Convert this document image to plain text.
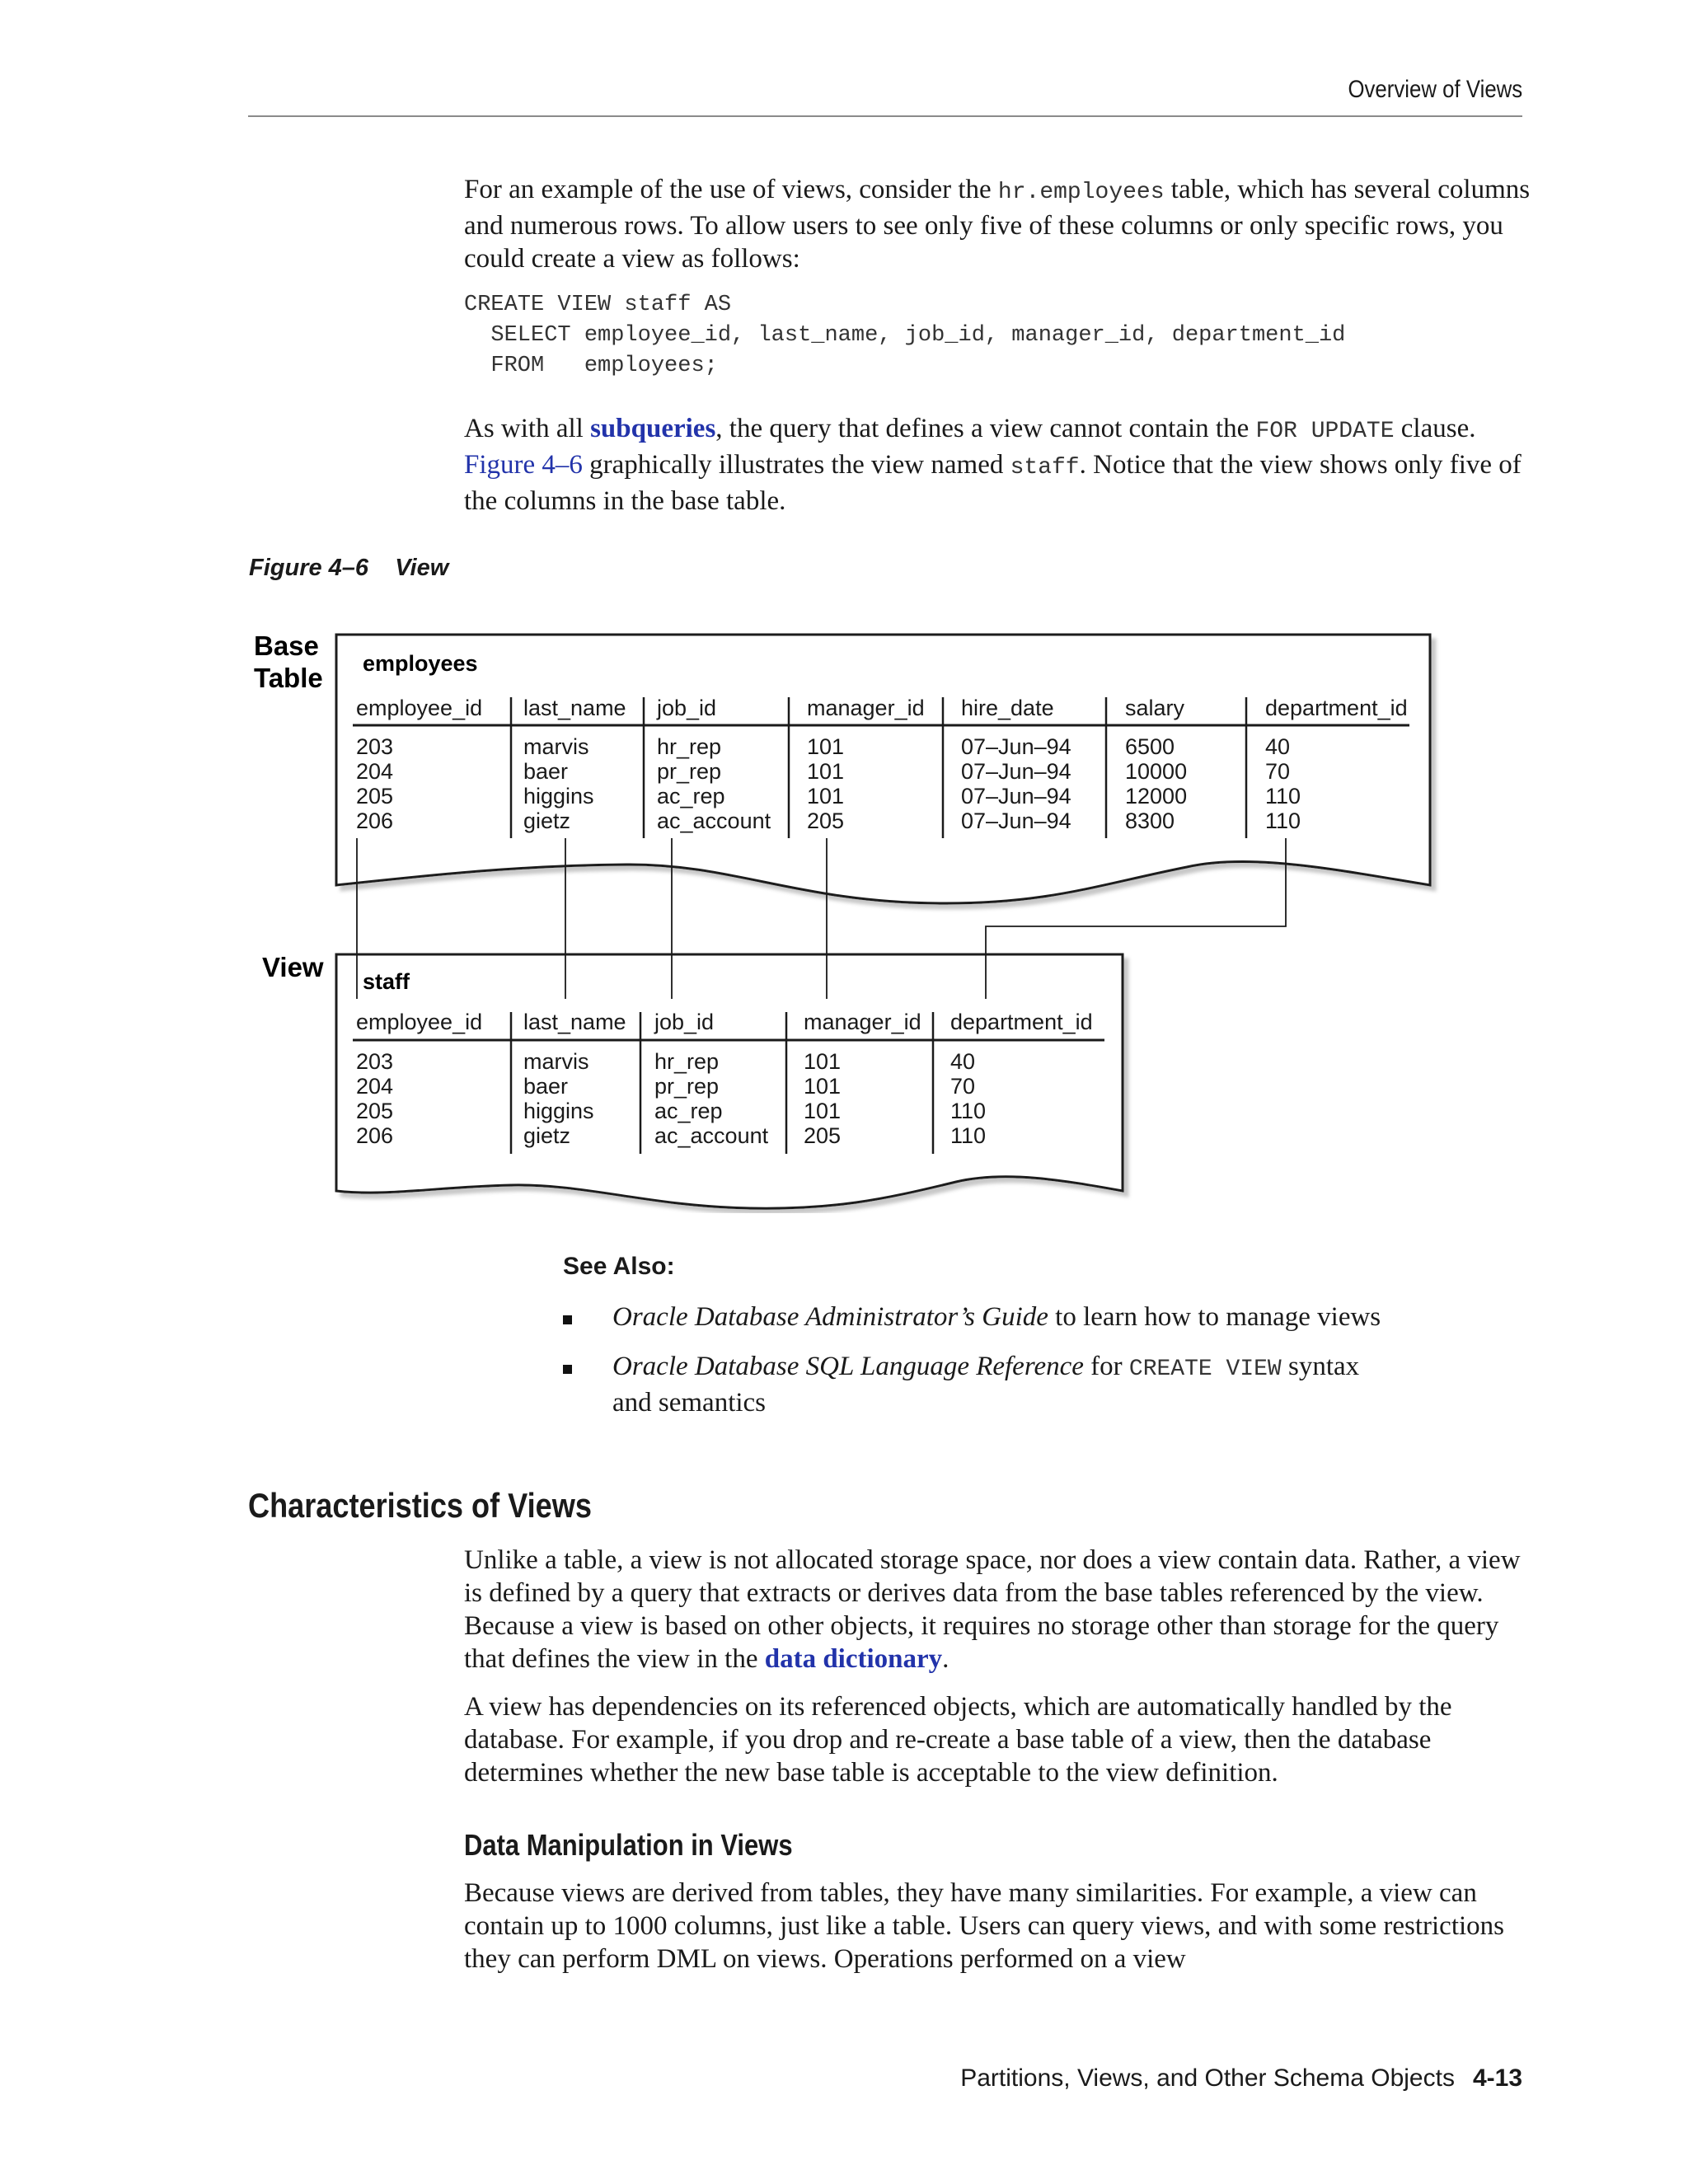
Overview of Views

For an example of the use of views, consider the hr.employees table, which has several columns and numerous rows. To allow users to see only five of these columns or only specific rows, you could create a view as follows:

CREATE VIEW staff AS
SELECT employee_id, last_name, job_id, manager_id, department_id
FROM   employees;

As with all subqueries, the query that defines a view cannot contain the FOR UPDATE clause. Figure 4–6 graphically illustrates the view named staff. Notice that the view shows only five of the columns in the base table.

Figure 4–6    View
Base
Table
View
employees
employee_id last_name job_id	manager_id hire_date	salary	department_id
203	marvis	hr_rep	101	07–Jun–94 6500	40
204	baer	pr_rep	101	07–Jun–94 10000	70
205	higgins	ac_rep	101	07–Jun–94 12000	110
206	gietz	ac_account 205	07–Jun–94 8300	110
staff
employee_id last_name job_id	manager_id department_id
203	marvis	hr_rep	101	40
204	baer	pr_rep	101	70
205	higgins	ac_rep	101	110
206	gietz	ac_account 205	110
See Also:
Oracle Database Administrator’s Guide to learn how to manage views
Oracle Database SQL Language Reference for CREATE VIEW syntax and semantics
Characteristics of Views

Unlike a table, a view is not allocated storage space, nor does a view contain data. Rather, a view is defined by a query that extracts or derives data from the base tables referenced by the view. Because a view is based on other objects, it requires no storage other than storage for the query that defines the view in the data dictionary.

A view has dependencies on its referenced objects, which are automatically handled by the database. For example, if you drop and re-create a base table of a view, then the database determines whether the new base table is acceptable to the view definition.

Data Manipulation in Views

Because views are derived from tables, they have many similarities. For example, a view can contain up to 1000 columns, just like a table. Users can query views, and with some restrictions they can perform DML on views. Operations performed on a view

Partitions, Views, and Other Schema Objects 4-13
